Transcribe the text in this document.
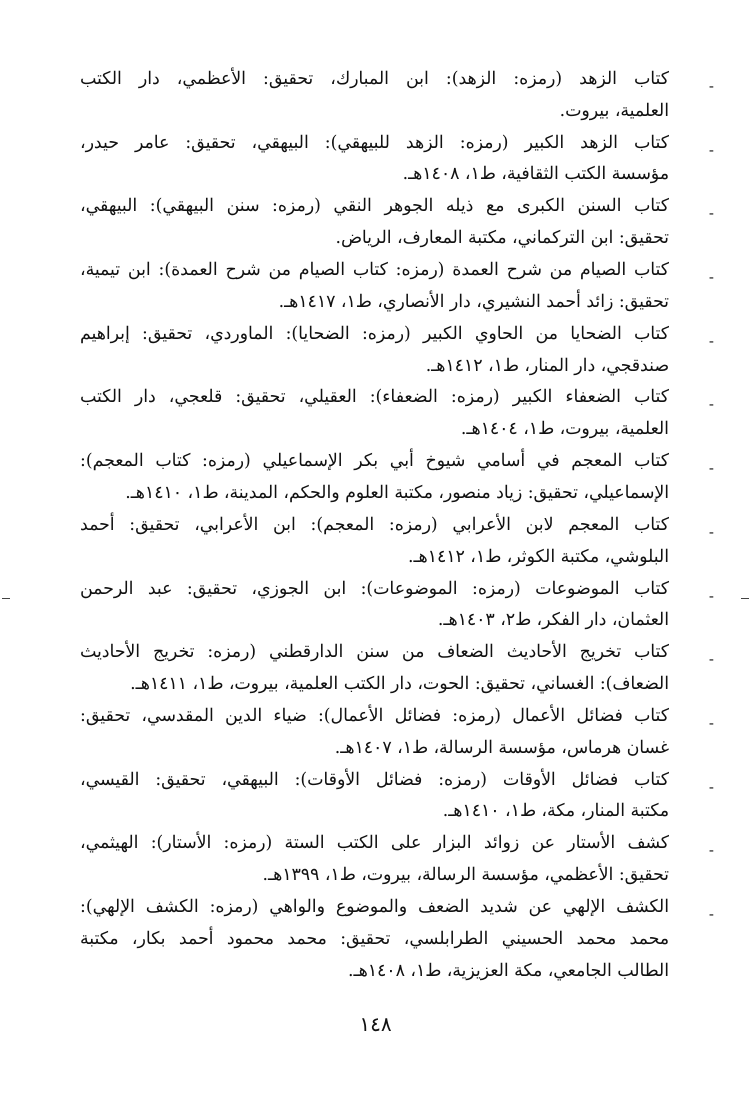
-
كتاب الزهد (رمزه: الزهد): ابن المبارك، تحقيق: الأعظمي، دار الكتب
العلمية، بيروت.
-
كتاب الزهد الكبير (رمزه: الزهد للبيهقي): البيهقي، تحقيق: عامر حيدر،
مؤسسة الكتب الثقافية، ط١، ١٤٠٨هـ.
-
كتاب السنن الكبرى مع ذيله الجوهر النقي (رمزه: سنن البيهقي): البيهقي،
تحقيق: ابن التركماني، مكتبة المعارف، الرياض.
-
كتاب الصيام من شرح العمدة (رمزه: كتاب الصيام من شرح العمدة): ابن تيمية،
تحقيق: زائد أحمد النشيري، دار الأنصاري، ط١، ١٤١٧هـ.
-
كتاب الضحايا من الحاوي الكبير (رمزه: الضحايا): الماوردي، تحقيق: إبراهيم
صندقجي، دار المنار، ط١، ١٤١٢هـ.
-
كتاب الضعفاء الكبير (رمزه: الضعفاء): العقيلي، تحقيق: قلعجي، دار الكتب
العلمية، بيروت، ط١، ١٤٠٤هـ.
-
كتاب المعجم في أسامي شيوخ أبي بكر الإسماعيلي (رمزه: كتاب المعجم):
الإسماعيلي، تحقيق: زياد منصور، مكتبة العلوم والحكم، المدينة، ط١، ١٤١٠هـ.
-
كتاب المعجم لابن الأعرابي (رمزه: المعجم): ابن الأعرابي، تحقيق: أحمد
البلوشي، مكتبة الكوثر، ط١، ١٤١٢هـ.
-
كتاب الموضوعات (رمزه: الموضوعات): ابن الجوزي، تحقيق: عبد الرحمن
العثمان، دار الفكر، ط٢، ١٤٠٣هـ.
-
كتاب تخريج الأحاديث الضعاف من سنن الدارقطني (رمزه: تخريج الأحاديث
الضعاف): الغساني، تحقيق: الحوت، دار الكتب العلمية، بيروت، ط١، ١٤١١هـ.
-
كتاب فضائل الأعمال (رمزه: فضائل الأعمال): ضياء الدين المقدسي، تحقيق:
غسان هرماس، مؤسسة الرسالة، ط١، ١٤٠٧هـ.
-
كتاب فضائل الأوقات (رمزه: فضائل الأوقات): البيهقي، تحقيق: القيسي،
مكتبة المنار، مكة، ط١، ١٤١٠هـ.
-
كشف الأستار عن زوائد البزار على الكتب الستة (رمزه: الأستار): الهيثمي،
تحقيق: الأعظمي، مؤسسة الرسالة، بيروت، ط١، ١٣٩٩هـ.
-
الكشف الإلهي عن شديد الضعف والموضوع والواهي (رمزه: الكشف الإلهي):
محمد محمد الحسيني الطرابلسي، تحقيق: محمد محمود أحمد بكار، مكتبة
الطالب الجامعي، مكة العزيزية، ط١، ١٤٠٨هـ.
١٤٨
